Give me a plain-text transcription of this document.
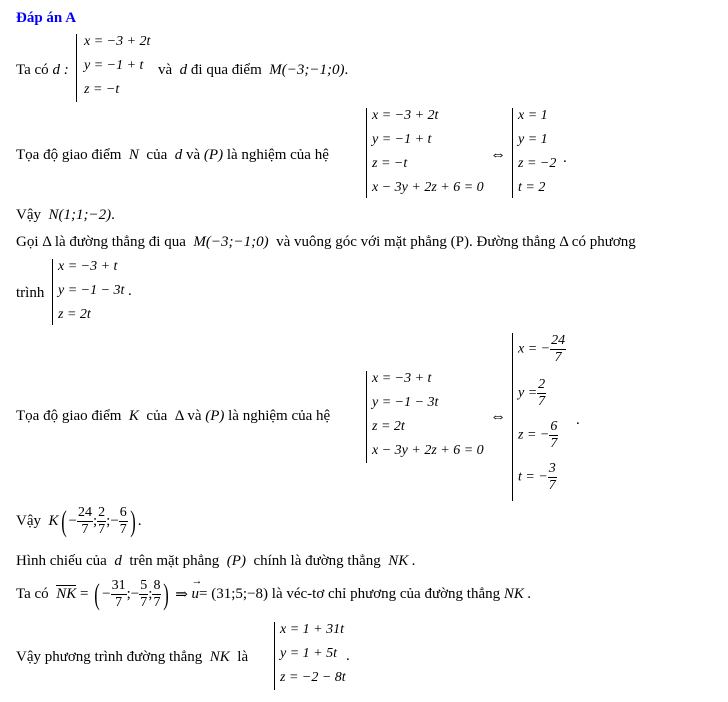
Đáp án A
Ta có d :
x = −3 + 2t
y = −1 + t
z = −t
và d đi qua điểm M(−3;−1;0).
Tọa độ giao điểm N của d và (P) là nghiệm của hệ
x = −3 + 2t
y = −1 + t
z = −t
x − 3y + 2z + 6 = 0
⇔
x = 1
y = 1
z = −2
t = 2
.
Vậy N(1;1;−2).
Gọi Δ là đường thẳng đi qua M(−3;−1;0) và vuông góc với mặt phẳng (P). Đường thẳng Δ có phương
trình
x = −3 + t
y = −1 − 3t
z = 2t
.
Tọa độ giao điểm K của Δ và (P) là nghiệm của hệ
x = −3 + t
y = −1 − 3t
z = 2t
x − 3y + 2z + 6 = 0
⇔
x = − $\frac{24}{7}$
$y = \frac{2}{7}$
z = − $\frac{6}{7}$
t = − $\frac{3}{7}$
.
Vậy $K( - \frac{24}{7}$ ; $\frac{2}{7}$ ;− $\frac{6}{7}$ ) .
Hình chiếu của d trên mặt phẳng (P) chính là đường thẳng NK .
Ta có NK = ( − $\frac{31}{7}$ ;− $\frac{5}{7}$ ; $\frac{8}{7}$ ) ⇒ → u= (31;5;−8) là véc-tơ chỉ phương của đường thẳng NK .
Vậy phương trình đường thẳng NK là
x = 1 + 31t
y = 1 + 5t
z = −2 − 8t
.
